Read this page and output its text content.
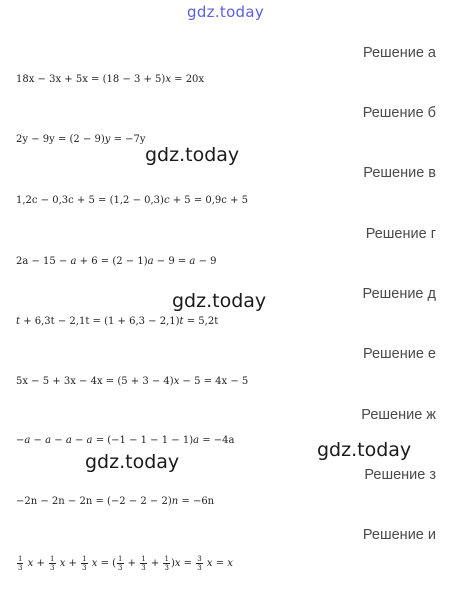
gdz.today
Решение а
18x − 3x + 5x = (18 − 3 + 5)x = 20x
Решение б
2y − 9y = (2 − 9)y = −7y
Решение в
1,2c − 0,3c + 5 = (1,2 − 0,3)c + 5 = 0,9c + 5
Решение г
2a − 15 − a + 6 = (2 − 1)a − 9 = a − 9
Решение д
t + 6,3t − 2,1t = (1 + 6,3 − 2,1)t = 5,2t
Решение е
5x − 5 + 3x − 4x = (5 + 3 − 4)x − 5 = 4x − 5
Решение ж
−a − a − a − a = (−1 − 1 − 1 − 1)a = −4a
Решение з
−2n − 2n − 2n = (−2 − 2 − 2)n = −6n
Решение и
$\frac{1}{3}$ $x + \frac{1}{3}$ $x + \frac{1}{3}$ x = ( $\frac{1}{3} + \frac{1}{3} + \frac{1}{3} )x = \frac{3}{3}$ x = x
gdz.today
gdz.today
gdz.today
gdz.today
